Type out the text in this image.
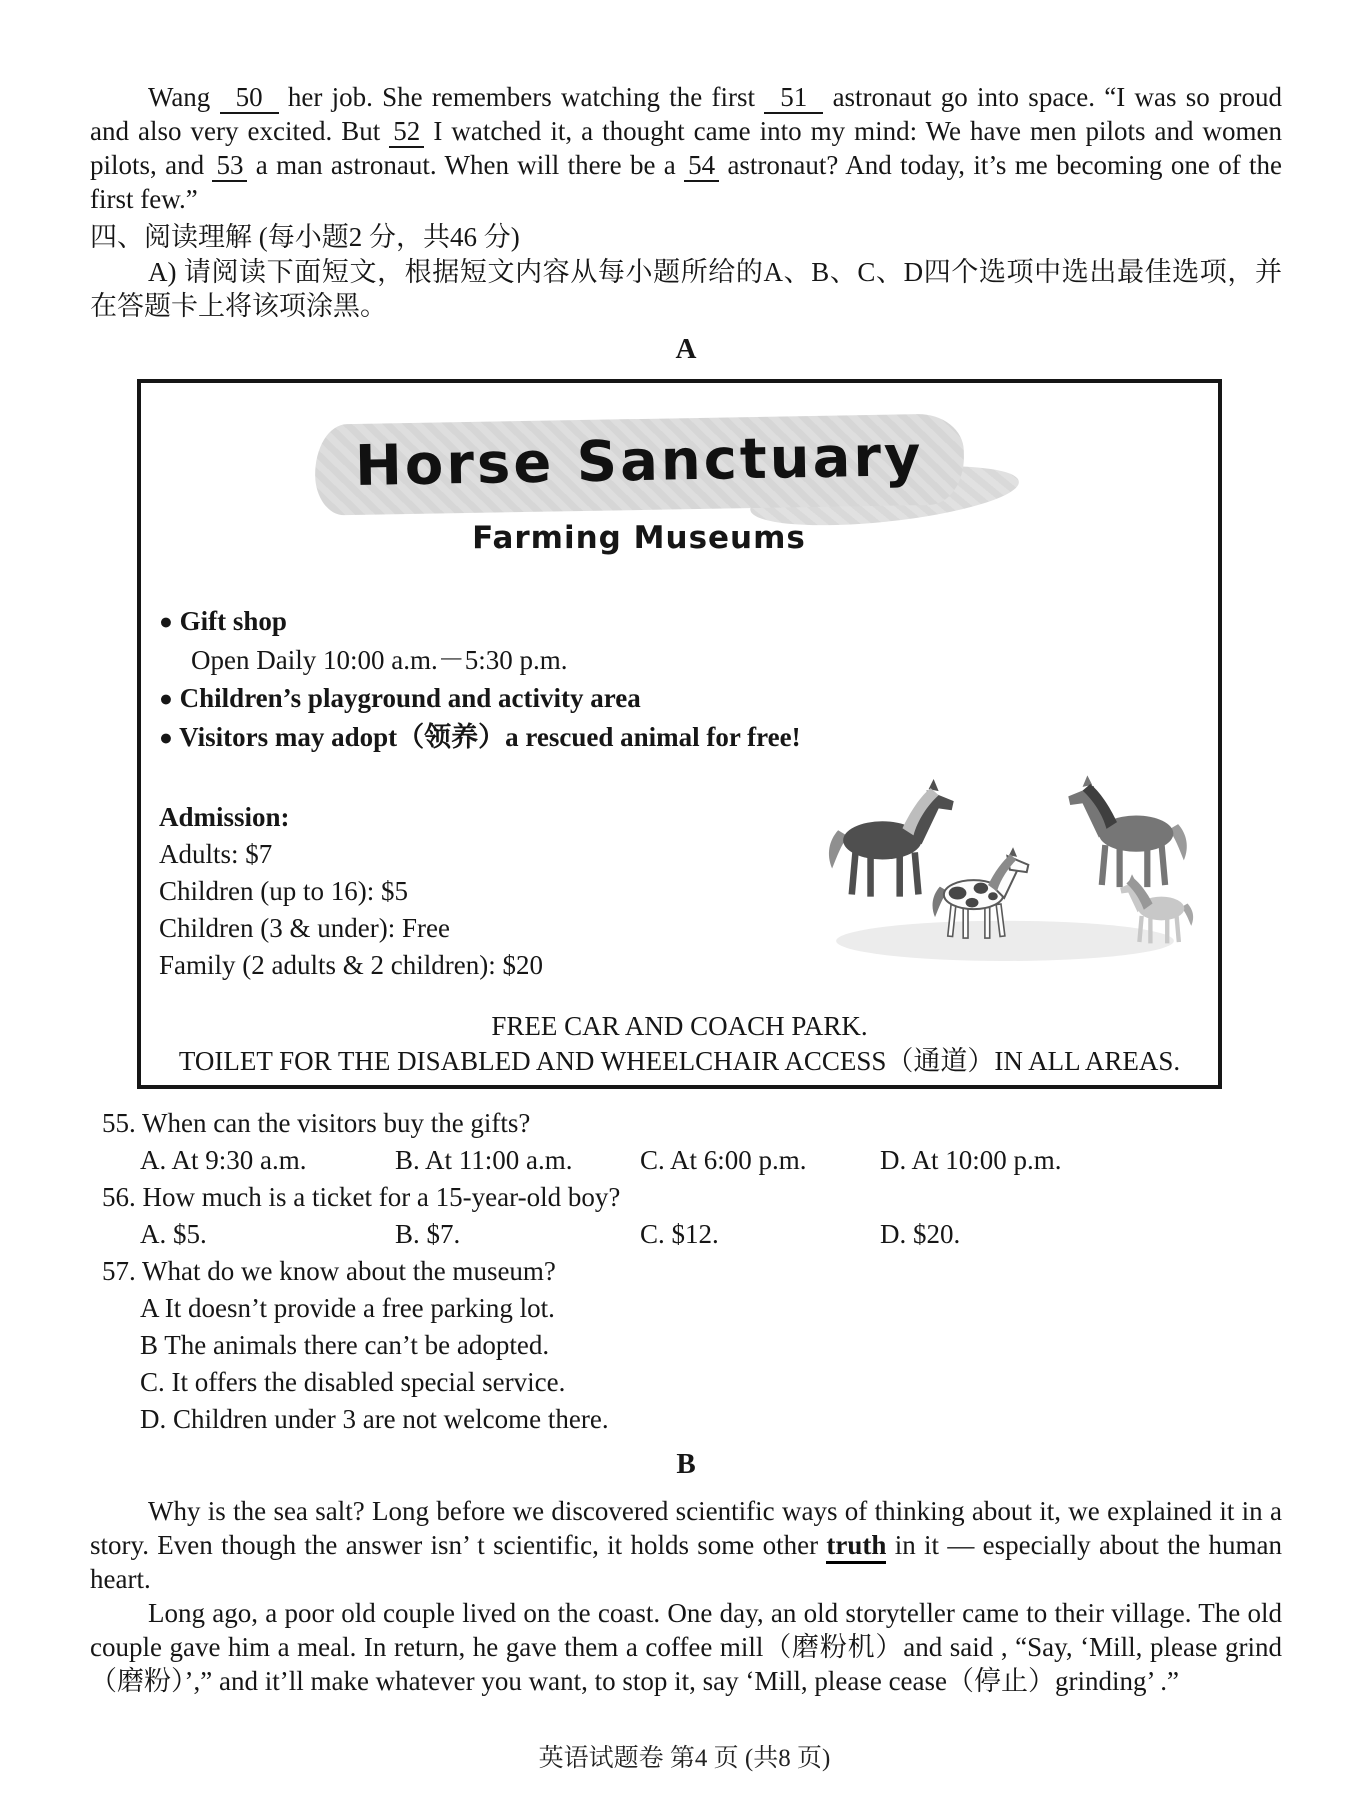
Wang 50 her job. She remembers watching the first 51 astronaut go into space. “I was so proud and also very excited. But 52 I watched it, a thought came into my mind: We have men pilots and women pilots, and 53 a man astronaut. When will there be a 54 astronaut? And today, it’s me becoming one of the first few.”

四、阅读理解 (每小题2 分，共46 分)

A) 请阅读下面短文，根据短文内容从每小题所给的A、B、C、D四个选项中选出最佳选项，并在答题卡上将该项涂黑。

A

Horse Sanctuary
Farming Museums

● Gift shop

Open Daily 10:00 a.m.－5:30 p.m.

● Children’s playground and activity area

● Visitors may adopt（领养）a rescued animal for free!

Admission:

Adults: $7

Children (up to 16): $5

Children (3 & under): Free

Family (2 adults & 2 children): $20

FREE CAR AND COACH PARK.

TOILET FOR THE DISABLED AND WHEELCHAIR ACCESS（通道）IN ALL AREAS.

55. When can the visitors buy the gifts?

A. At 9:30 a.m.	B. At 11:00 a.m.	C. At 6:00 p.m.	D. At 10:00 p.m.

56. How much is a ticket for a 15-year-old boy?

A. $5.	B. $7.	C. $12.	D. $20.

57. What do we know about the museum?

A It doesn’t provide a free parking lot.
B The animals there can’t be adopted.
C. It offers the disabled special service.
D. Children under 3 are not welcome there.

B

Why is the sea salt? Long before we discovered scientific ways of thinking about it, we explained it in a story. Even though the answer isn’ t scientific, it holds some other truth in it — especially about the human heart.

Long ago, a poor old couple lived on the coast. One day, an old storyteller came to their village. The old couple gave him a meal. In return, he gave them a coffee mill（磨粉机）and said , “Say, ‘Mill, please grind（磨粉）’,” and it’ll make whatever you want, to stop it, say ‘Mill, please cease（停止）grinding’ .”

英语试题卷 第4 页 (共8 页)
